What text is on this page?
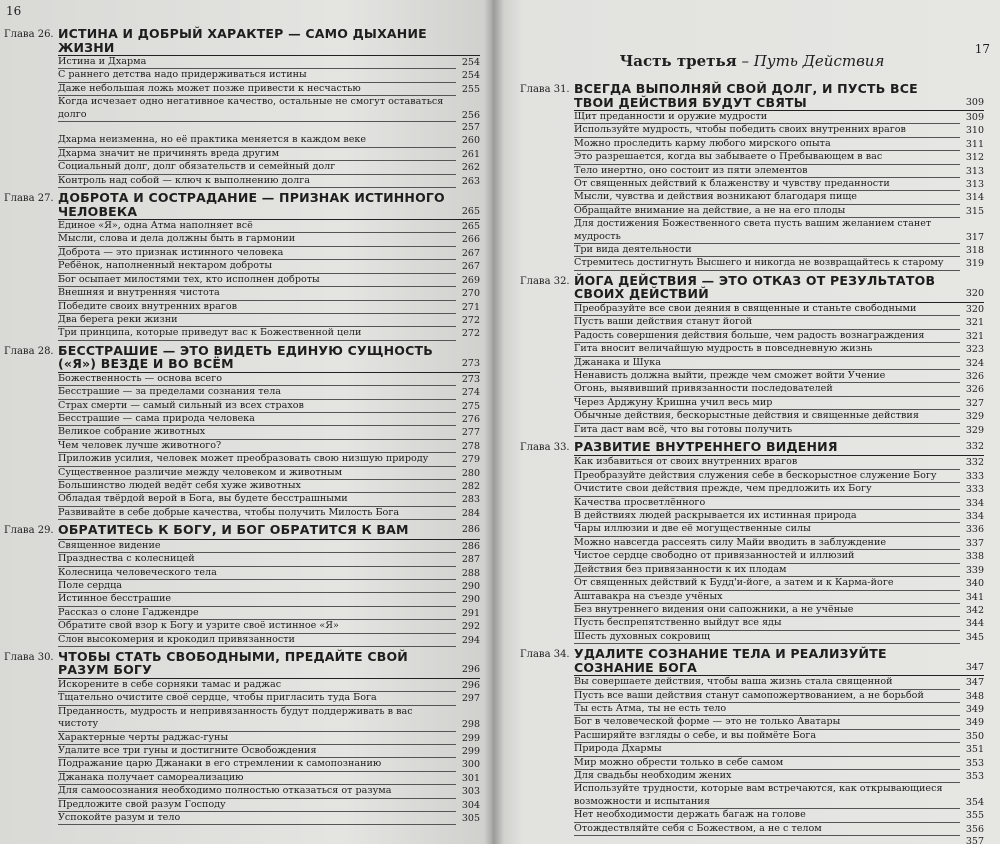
16
Глава 26. ИСТИНА И ДОБРЫЙ ХАРАКТЕР — САМО ДЫХАНИЕ ЖИЗНИ
Истина и Дхарма	254
С раннего детства надо придерживаться истины	254
Даже небольшая ложь может позже привести к несчастью	255
Когда исчезает одно негативное качество, остальные не смогут оставаться долго	256

257
Дхарма неизменна, но её практика меняется в каждом веке	260
Дхарма значит не причинять вреда другим	261
Социальный долг, долг обязательств и семейный долг	262
Контроль над собой — ключ к выполнению долга	263
Глава 27. ДОБРОТА И СОСТРАДАНИЕ — ПРИЗНАК ИСТИННОГО ЧЕЛОВЕКА	265
Единое «Я», одна Атма наполняет всё	265
Мысли, слова и дела должны быть в гармонии	266
Доброта — это признак истинного человека	267
Ребёнок, наполненный нектаром доброты	267
Бог осыпает милостями тех, кто исполнен доброты	269
Внешняя и внутренняя чистота	270
Победите своих внутренних врагов	271
Два берега реки жизни	272
Три принципа, которые приведут вас к Божественной цели	272
Глава 28. БЕССТРАШИЕ — ЭТО ВИДЕТЬ ЕДИНУЮ СУЩНОСТЬ («Я») ВЕЗДЕ И ВО ВСЁМ	273
Божественность — основа всего	273
Бесстрашие — за пределами сознания тела	274
Страх смерти — самый сильный из всех страхов	275
Бесстрашие — сама природа человека	276
Великое собрание животных	277
Чем человек лучше животного?	278
Приложив усилия, человек может преобразовать свою низшую природу	279
Существенное различие между человеком и животным	280
Большинство людей ведёт себя хуже животных	282
Обладая твёрдой верой в Бога, вы будете бесстрашными	283
Развивайте в себе добрые качества, чтобы получить Милость Бога	284
Глава 29. ОБРАТИТЕСЬ К БОГУ, И БОГ ОБРАТИТСЯ К ВАМ	286
Священное видение	286
Празднества с колесницей	287
Колесница человеческого тела	288
Поле сердца	290
Истинное бесстрашие	290
Рассказ о слоне Гаджендре	291
Обратите свой взор к Богу и узрите своё истинное «Я»	292
Слон высокомерия и крокодил привязанности	294
Глава 30. ЧТОБЫ СТАТЬ СВОБОДНЫМИ, ПРЕДАЙТЕ СВОЙ РАЗУМ БОГУ	296
Искорените в себе сорняки тамас и раджас	296
Тщательно очистите своё сердце, чтобы пригласить туда Бога	297
Преданность, мудрость и непривязанность будут поддерживать в вас чистоту	298
Характерные черты раджас-гуны	299
Удалите все три гуны и достигните Освобождения	299
Подражание царю Джанаки в его стремлении к самопознанию	300
Джанака получает самореализацию	301
Для самоосознания необходимо полностью отказаться от разума	303
Предложите свой разум Господу	304
Успокойте разум и тело	305
17
Часть третья – Путь Действия
Глава 31. ВСЕГДА ВЫПОЛНЯЙ СВОЙ ДОЛГ, И ПУСТЬ ВСЕ ТВОИ ДЕЙСТВИЯ БУДУТ СВЯТЫ	309
Щит преданности и оружие мудрости	309
Используйте мудрость, чтобы победить своих внутренних врагов	310
Можно проследить карму любого мирского опыта	311
Это разрешается, когда вы забываете о Пребывающем в вас	312
Тело инертно, оно состоит из пяти элементов	313
От священных действий к блаженству и чувству преданности	313
Мысли, чувства и действия возникают благодаря пище	314
Обращайте внимание на действие, а не на его плоды	315
Для достижения Божественного света пусть вашим желанием станет мудрость	317
Три вида деятельности	318
Стремитесь достигнуть Высшего и никогда не возвращайтесь к старому	319
Глава 32. ЙОГА ДЕЙСТВИЯ — ЭТО ОТКАЗ ОТ РЕЗУЛЬТАТОВ СВОИХ ДЕЙСТВИЙ	320
Преобразуйте все свои деяния в священные и станьте свободными	320
Пусть ваши действия станут йогой	321
Радость совершения действия больше, чем радость вознаграждения	321
Гита вносит величайшую мудрость в повседневную жизнь	323
Джанака и Шука	324
Ненависть должна выйти, прежде чем сможет войти Учение	326
Огонь, выявивший привязанности последователей	326
Через Арджуну Кришна учил весь мир	327
Обычные действия, бескорыстные действия и священные действия	329
Гита даст вам всё, что вы готовы получить	329
Глава 33. РАЗВИТИЕ ВНУТРЕННЕГО ВИДЕНИЯ	332
Как избавиться от своих внутренних врагов	332
Преобразуйте действия служения себе в бескорыстное служение Богу	333
Очистите свои действия прежде, чем предложить их Богу	333
Качества просветлённого	334
В действиях людей раскрывается их истинная природа	334
Чары иллюзии и две её могущественные силы	336
Можно навсегда рассеять силу Майи вводить в заблуждение	337
Чистое сердце свободно от привязанностей и иллюзий	338
Действия без привязанности к их плодам	339
От священных действий к Будд'и-йоге, а затем и к Карма-йоге	340
Аштавакра на съезде учёных	341
Без внутреннего видения они сапожники, а не учёные	342
Пусть беспрепятственно выйдут все яды	344
Шесть духовных сокровищ	345
Глава 34. УДАЛИТЕ СОЗНАНИЕ ТЕЛА И РЕАЛИЗУЙТЕ СОЗНАНИЕ БОГА	347
Вы совершаете действия, чтобы ваша жизнь стала священной	347
Пусть все ваши действия станут самопожертвованием, а не борьбой	348
Ты есть Атма, ты не есть тело	349
Бог в человеческой форме — это не только Аватары	349
Расширяйте взгляды о себе, и вы поймёте Бога	350
Природа Дхармы	351
Мир можно обрести только в себе самом	353
Для свадьбы необходим жених	353
Используйте трудности, которые вам встречаются, как открывающиеся возможности и испытания	354
Нет необходимости держать багаж на голове	355
Отождествляйте себя с Божеством, а не с телом	356

357
